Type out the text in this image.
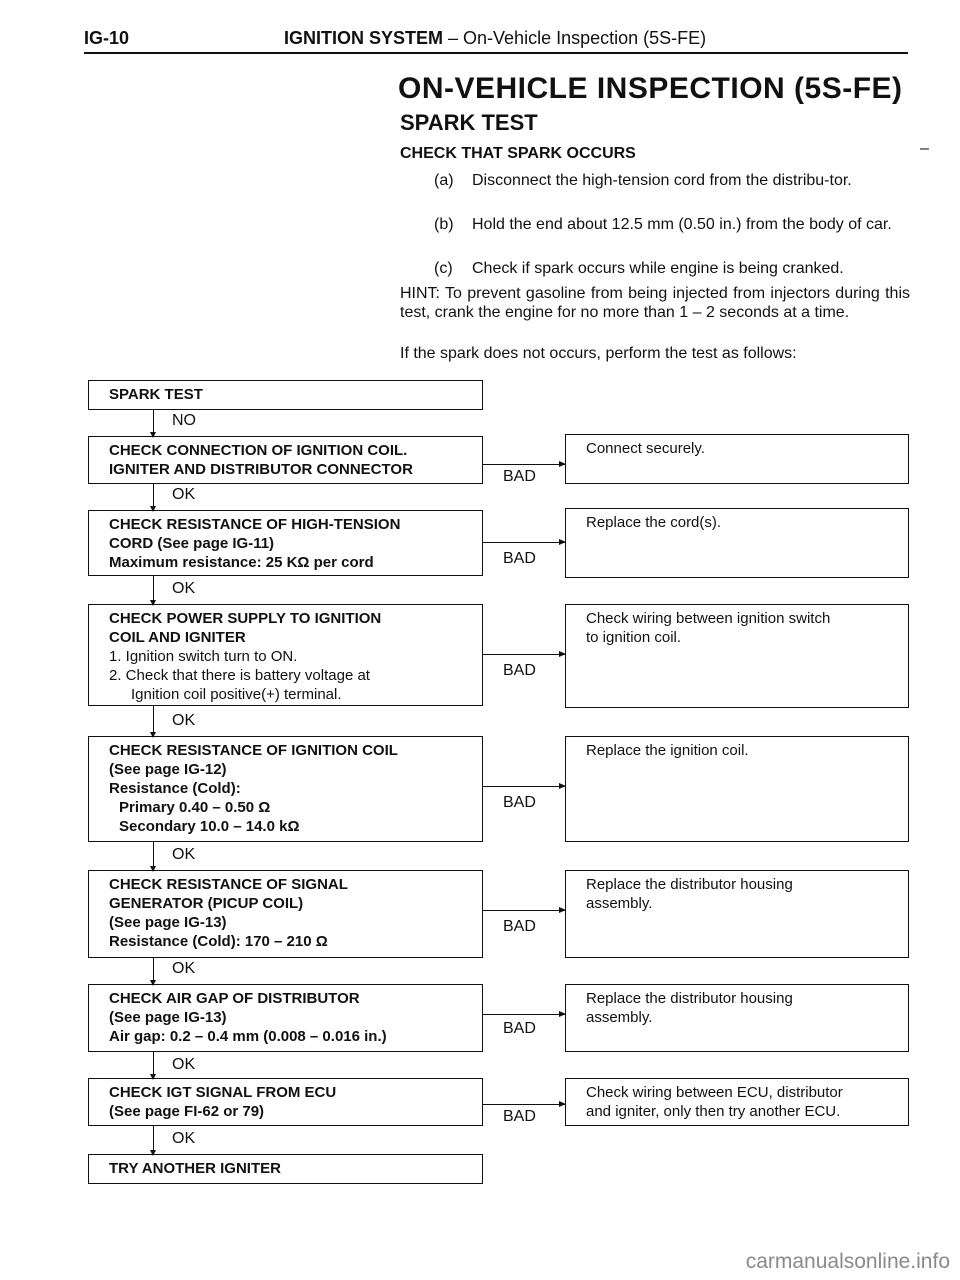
IG-10	IGNITION SYSTEM – On-Vehicle Inspection (5S-FE)
ON-VEHICLE INSPECTION (5S-FE)
SPARK TEST
CHECK THAT SPARK OCCURS	–
(a) Disconnect the high-tension cord from the distribu-tor.
(b) Hold the end about 12.5 mm (0.50 in.) from the body of car.
(c) Check if spark occurs while engine is being cranked.
HINT: To prevent gasoline from being injected from injectors during this test, crank the engine for no more than 1 – 2 seconds at a time.
If the spark does not occurs, perform the test as follows:
SPARK TEST
NO
CHECK CONNECTION OF IGNITION COIL.
IGNITER AND DISTRIBUTOR CONNECTOR	BAD
Connect securely.
OK
CHECK RESISTANCE OF HIGH-TENSION
CORD (See page IG-11)
Maximum resistance: 25 KΩ per cord	BAD
Replace the cord(s).
OK
CHECK POWER SUPPLY TO IGNITION
COIL AND IGNITER
1. Ignition switch turn to ON.
2. Check that there is battery voltage at
Ignition coil positive(+) terminal.
BAD
Check wiring between ignition switch
to ignition coil.
OK
CHECK RESISTANCE OF IGNITION COIL
(See page IG-12)
Resistance (Cold):
Primary 0.40 – 0.50 Ω
Secondary 10.0 – 14.0 kΩ
BAD
Replace the ignition coil.
OK
CHECK RESISTANCE OF SIGNAL
GENERATOR (PICUP COIL)
(See page IG-13)
Resistance (Cold): 170 – 210 Ω
BAD
Replace the distributor housing
assembly.
OK
CHECK AIR GAP OF DISTRIBUTOR
(See page IG-13)
Air gap: 0.2 – 0.4 mm (0.008 – 0.016 in.)	BAD
Replace the distributor housing
assembly.
OK
CHECK IGT SIGNAL FROM ECU
(See page FI-62 or 79)	BAD
Check wiring between ECU, distributor
and igniter, only then try another ECU.
OK
TRY ANOTHER IGNITER
carmanualsonline.info
